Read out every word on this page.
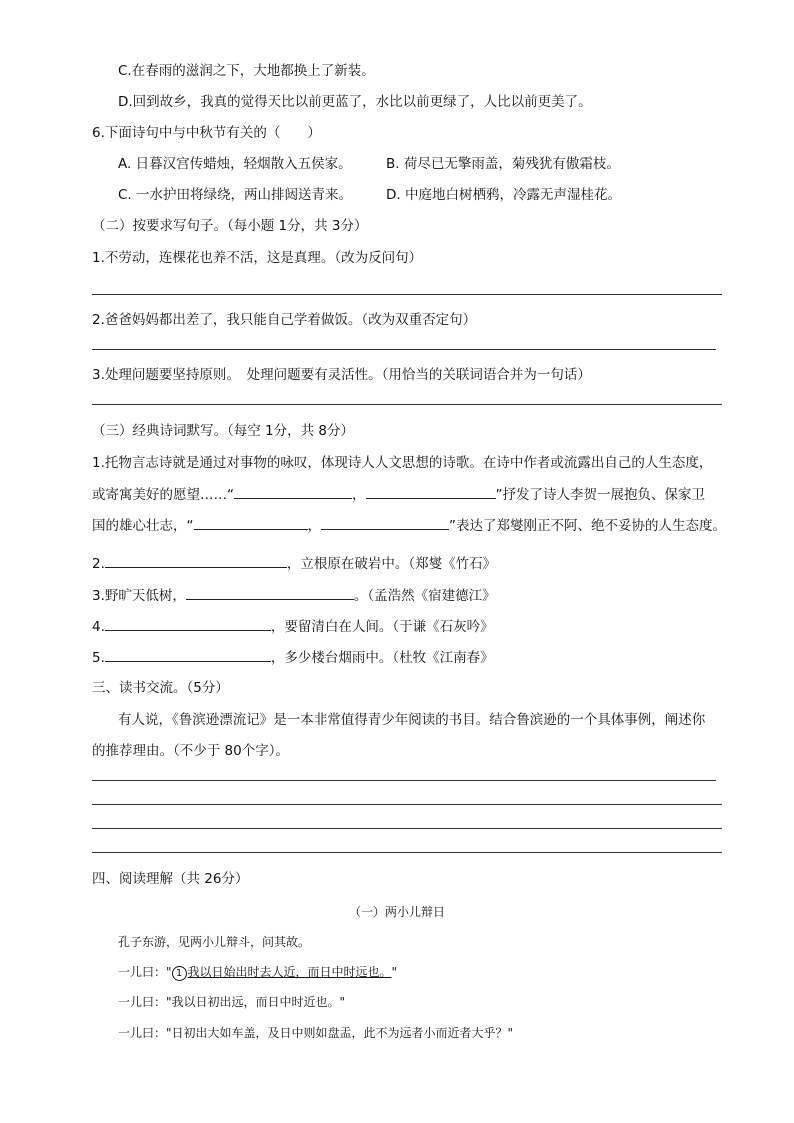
C.在春雨的滋润之下，大地都换上了新装。
D.回到故乡，我真的觉得天比以前更蓝了，水比以前更绿了，人比以前更美了。
6.下面诗句中与中秋节有关的（　　）
A. 日暮汉宫传蜡烛，轻烟散入五侯家。	B. 荷尽已无擎雨盖，菊残犹有傲霜枝。
C. 一水护田将绿绕，两山排闼送青来。	D. 中庭地白树栖鸦，冷露无声湿桂花。
（二）按要求写句子。（每小题 1分，共 3分）
1.不劳动，连棵花也养不活，这是真理。（改为反问句）
2.爸爸妈妈都出差了，我只能自己学着做饭。（改为双重否定句）
3.处理问题要坚持原则。　处理问题要有灵活性。（用恰当的关联词语合并为一句话）
（三）经典诗词默写。（每空 1分，共 8分）
1.托物言志诗就是通过对事物的咏叹，体现诗人人文思想的诗歌。在诗中作者或流露出自己的人生态度，
或寄寓美好的愿望……“	，	”抒发了诗人李贺一展抱负、保家卫
国的雄心壮志，“	，	”表达了郑燮刚正不阿、绝不妥协的人生态度。
2.	，立根原在破岩中。（郑燮《竹石》
3.野旷天低树，	。（孟浩然《宿建德江》
4.	，要留清白在人间。（于谦《石灰吟》
5.	，多少楼台烟雨中。（杜牧《江南春》
三、读书交流。（5分）
有人说，《鲁滨逊漂流记》是一本非常值得青少年阅读的书目。结合鲁滨逊的一个具体事例，阐述你
的推荐理由。（不少于 80个字）。
四、阅读理解（共 26分）
（一）两小儿辩日
孔子东游，见两小儿辩斗，问其故。
一儿曰：" 1 我以日始出时去人近，而日中时远也。"
一儿曰："我以日初出远，而日中时近也。"
一儿曰："日初出大如车盖，及日中则如盘盂，此不为远者小而近者大乎？"
